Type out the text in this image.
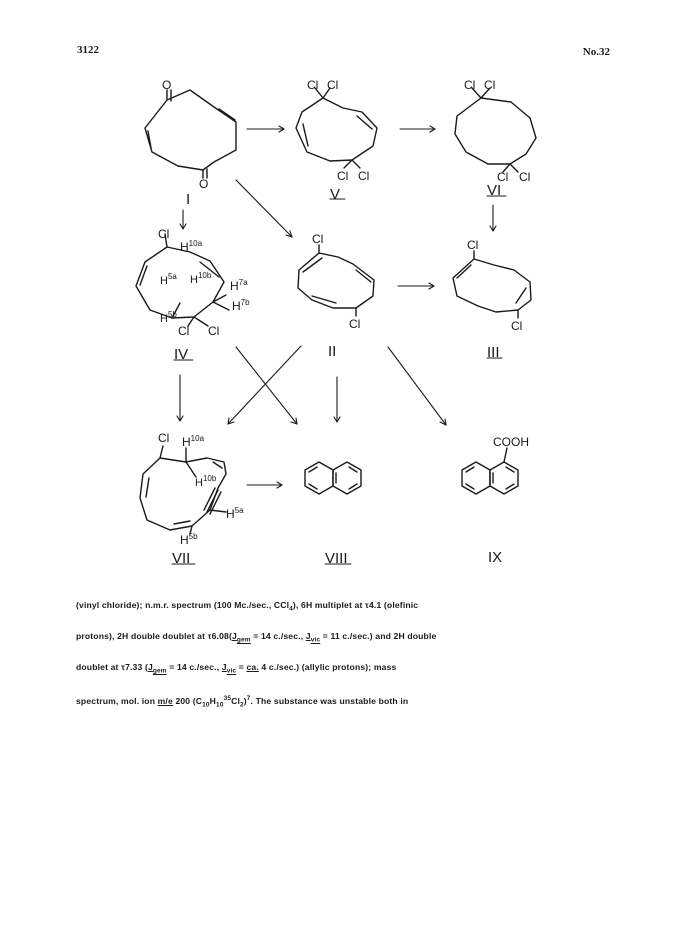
3122	No.32
O
O
I
Cl Cl
Cl Cl
V
Cl Cl
Cl Cl
VI
Cl
Cl Cl
$H^{10a}$
$H^{10b}$
$H^{5a}$
$H^{5b}$
$H^{7a}$
$H^{7b}$
IV
Cl
Cl
II
Cl
Cl
III
Cl $H^{10a}$
$H^{10b}$
$H^{5a}$
$H^{5b}$
VII	VIII
COOH
IX
(vinyl chloride); n.m.r. spectrum (100 Mc./sec., CCl$_4$), 6H multiplet at τ4.1 (olefinic
protons), 2H double doublet at $\tau 6.08(J_{gem} = 14$ c./sec., $J_{vic} = 11$ c./sec.) and 2H double
doublet at τ7.33 ($J_{gem} = 14$ c./sec., $J_{vic}$ = ca. 4 c./sec.) (allylic protons); mass
spectrum, mol. ion m/e 200 $(C_{10}H_{10}^{35}Cl_2)^7$. The substance was unstable both in
